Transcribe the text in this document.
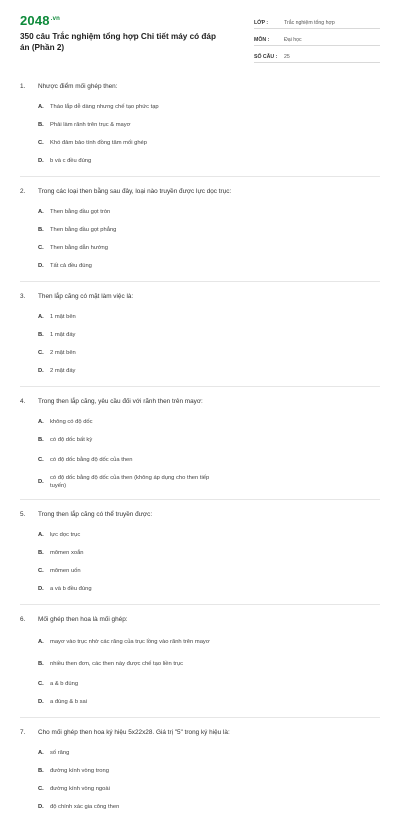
$2048^{.vn}$
350 câu Trắc nghiệm tổng hợp Chi tiết máy có đáp án (Phần 2)
LỚP :	Trắc nghiệm tổng hợp
MÔN :	Đại học
SỐ CÂU :	25
1.	Nhược điểm mối ghép then:
A.	Tháo lắp dễ dàng nhưng chế tạo phức tạp
B.	Phải làm rãnh trên trục & mayơ
C.	Khó đảm bảo tính đồng tâm mối ghép
D.	b và c đều đúng
2.	Trong các loại then bằng sau đây, loại nào truyền được lực dọc trục:
A.	Then bằng đầu gọt tròn
B.	Then bằng đầu gọt phẳng
C.	Then bằng dẫn hướng
D.	Tất cả đều đúng
3.	Then lắp căng có mặt làm việc là:
A.	1 mặt bên
B.	1 mặt đáy
C.	2 mặt bên
D.	2 mặt đáy
4.	Trong then lắp căng, yêu cầu đối với rãnh then trên mayơ:
A.	không có độ dốc
B.	có độ dốc bất kỳ
C.	có độ dốc bằng độ dốc của then
D.
có độ dốc bằng độ dốc của then (không áp dụng cho then tiếp tuyến)
5.	Trong then lắp căng có thể truyền được:
A.	lực dọc trục
B.	mômen xoắn
C.	mômen uốn
D.	a và b đều đúng
6.	Mối ghép then hoa là mối ghép:
A.	mayơ vào trục nhờ các răng của trục lồng vào rãnh trên mayơ
B.	nhiều then đơn, các then này được chế tạo liền trục
C.	a & b đúng
D.	a đúng & b sai
7.	Cho mối ghép then hoa ký hiệu 5x22x28. Giá trị "5" trong ký hiệu là:
A.	số răng
B.	đường kính vòng trong
C.	đường kính vòng ngoài
D.	độ chính xác gia công then
